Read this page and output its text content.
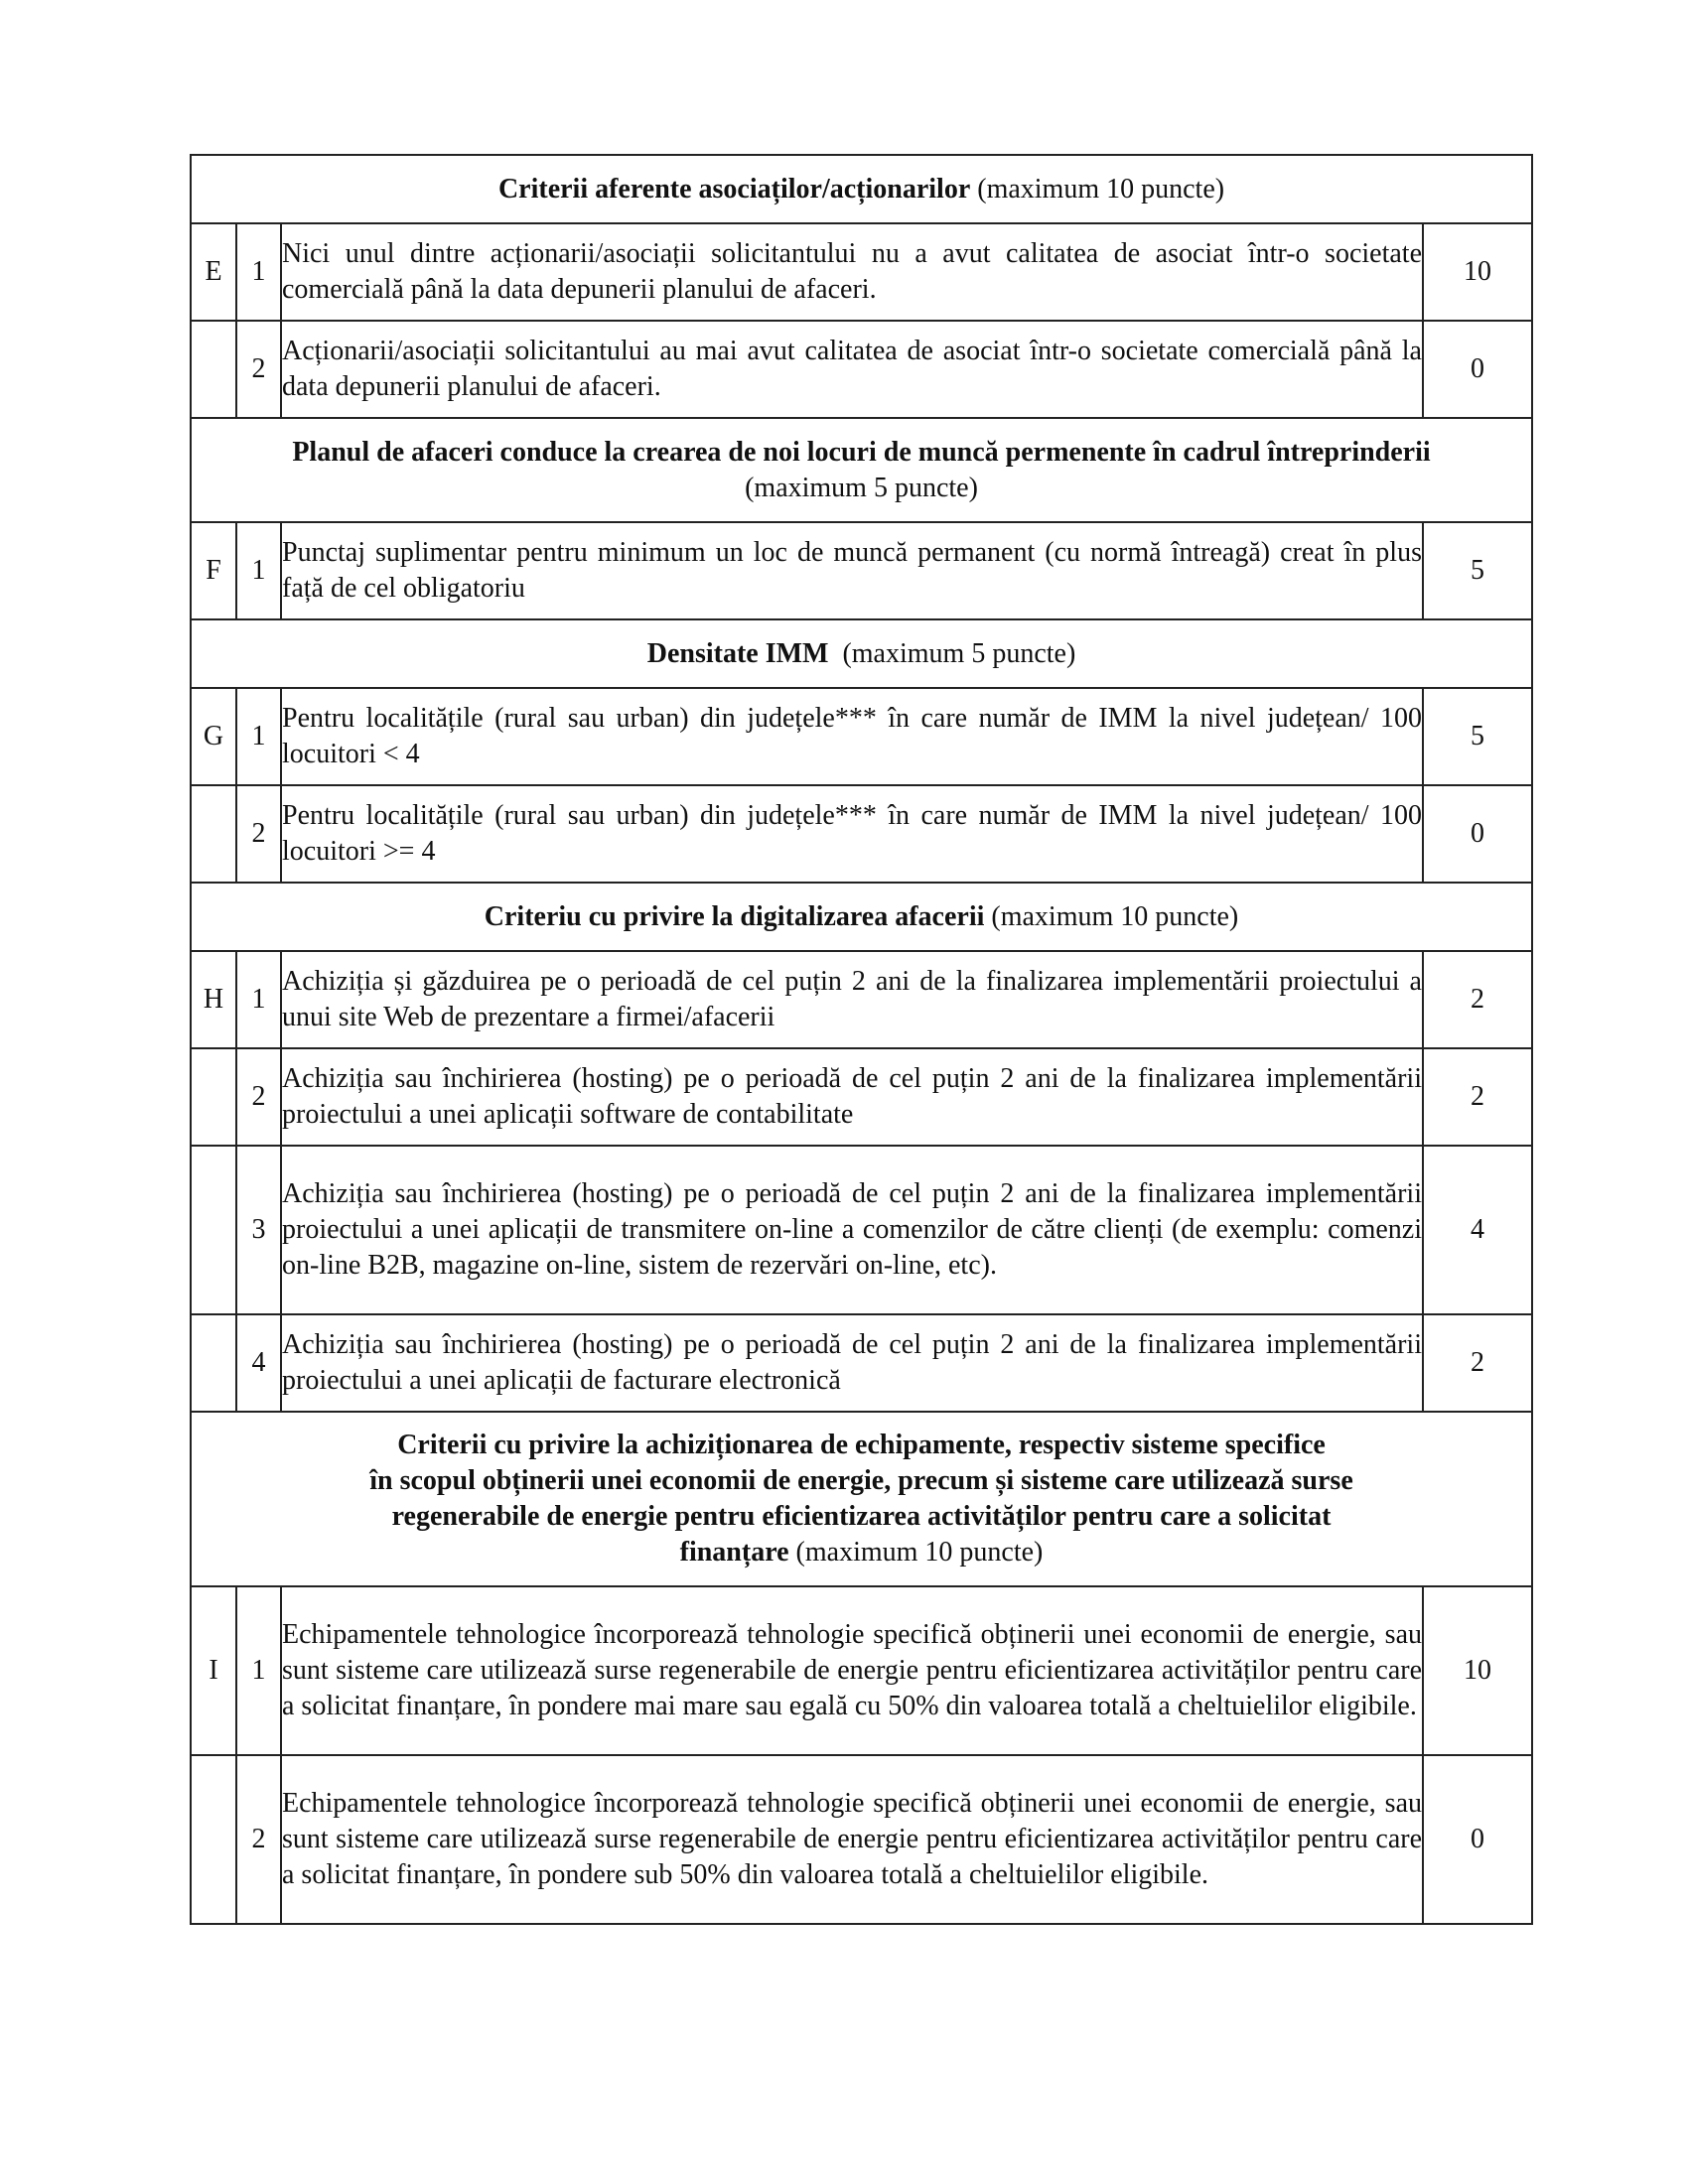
Criterii aferente asociaților/acționarilor (maximum 10 puncte)			
E	1	Nici unul dintre acționarii/asociații solicitantului nu a avut calitatea de asociat într-o societate comercială până la data depunerii planului de afaceri.	10
	2	Acționarii/asociații solicitantului au mai avut calitatea de asociat într-o societate comercială până la data depunerii planului de afaceri.	0
Planul de afaceri conduce la crearea de noi locuri de muncă permenente în cadrul întreprinderii
(maximum 5 puncte)			
F	1	Punctaj suplimentar pentru minimum un loc de muncă permanent (cu normă întreagă) creat în plus față de cel obligatoriu	5
Densitate IMM  (maximum 5 puncte)			
G	1	Pentru localitățile (rural sau urban) din județele*** în care număr de IMM la nivel județean/ 100 locuitori < 4	5
	2	Pentru localitățile (rural sau urban) din județele*** în care număr de IMM la nivel județean/ 100 locuitori >= 4	0
Criteriu cu privire la digitalizarea afacerii (maximum 10 puncte)			
H	1	Achiziția și găzduirea pe o perioadă de cel puțin 2 ani de la finalizarea implementării proiectului a unui site Web de prezentare a firmei/afacerii	2
	2	Achiziția sau închirierea (hosting) pe o perioadă de cel puțin 2 ani de la finalizarea implementării proiectului a unei aplicații software de contabilitate	2
	3	Achiziția sau închirierea (hosting) pe o perioadă de cel puțin 2 ani de la finalizarea implementării proiectului a unei aplicații de transmitere on-line a comenzilor de către clienți (de exemplu: comenzi on-line B2B, magazine on-line, sistem de rezervări on-line, etc).	4
	4	Achiziția sau închirierea (hosting) pe o perioadă de cel puțin 2 ani de la finalizarea implementării proiectului a unei aplicații de facturare electronică	2
Criterii cu privire la achiziționarea de echipamente, respectiv sisteme specifice
în scopul obținerii unei economii de energie, precum și sisteme care utilizează surse
regenerabile de energie pentru eficientizarea activităților pentru care a solicitat
finanțare (maximum 10 puncte)			
I	1	Echipamentele tehnologice încorporează tehnologie specifică obținerii unei economii de energie, sau sunt sisteme care utilizează surse regenerabile de energie pentru eficientizarea activităților pentru care a solicitat finanțare, în pondere mai mare sau egală cu 50% din valoarea totală a cheltuielilor eligibile.	10
	2	Echipamentele tehnologice încorporează tehnologie specifică obținerii unei economii de energie, sau sunt sisteme care utilizează surse regenerabile de energie pentru eficientizarea activităților pentru care a solicitat finanțare, în pondere sub 50% din valoarea totală a cheltuielilor eligibile.	0
